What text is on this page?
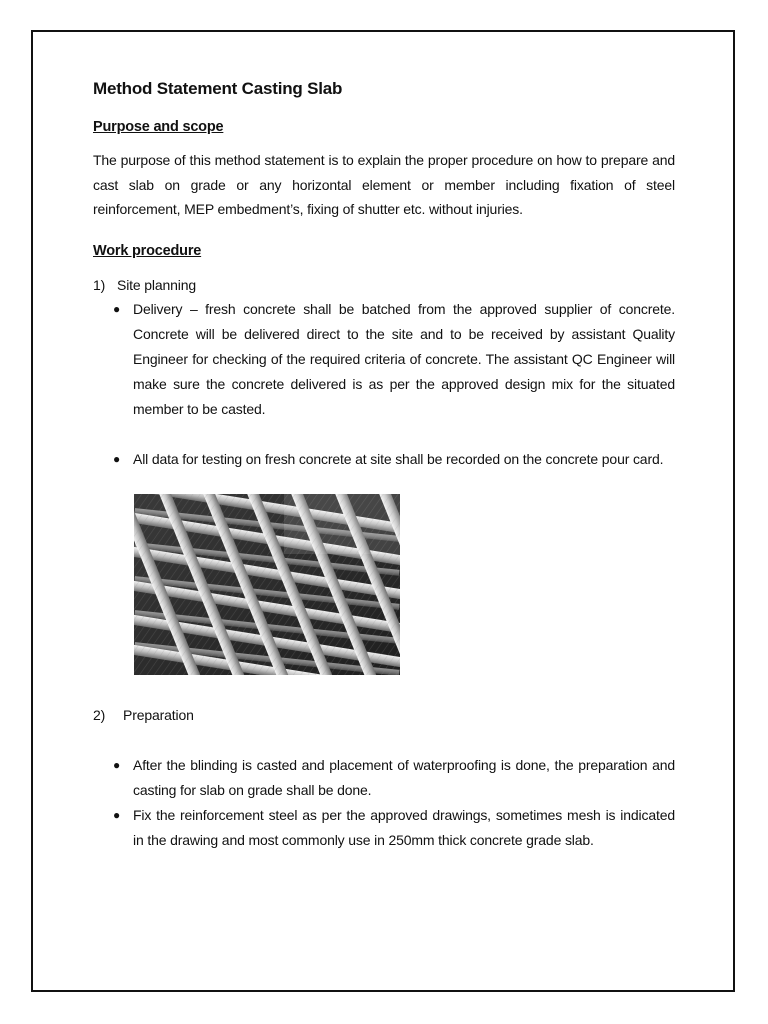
Method Statement Casting Slab
Purpose and scope

The purpose of this method statement is to explain the proper procedure on how to prepare and cast slab on grade or any horizontal element or member including fixation of steel reinforcement, MEP embedment’s, fixing of shutter etc. without injuries.

Work procedure
1) Site planning
● Delivery – fresh concrete shall be batched from the approved supplier of concrete. Concrete will be delivered direct to the site and to be received by assistant Quality Engineer for checking of the required criteria of concrete. The assistant QC Engineer will make sure the concrete delivered is as per the approved design mix for the situated member to be casted.
● All data for testing on fresh concrete at site shall be recorded on the concrete pour card.
2) Preparation
● After the blinding is casted and placement of waterproofing is done, the preparation and casting for slab on grade shall be done.
● Fix the reinforcement steel as per the approved drawings, sometimes mesh is indicated in the drawing and most commonly use in 250mm thick concrete grade slab.
